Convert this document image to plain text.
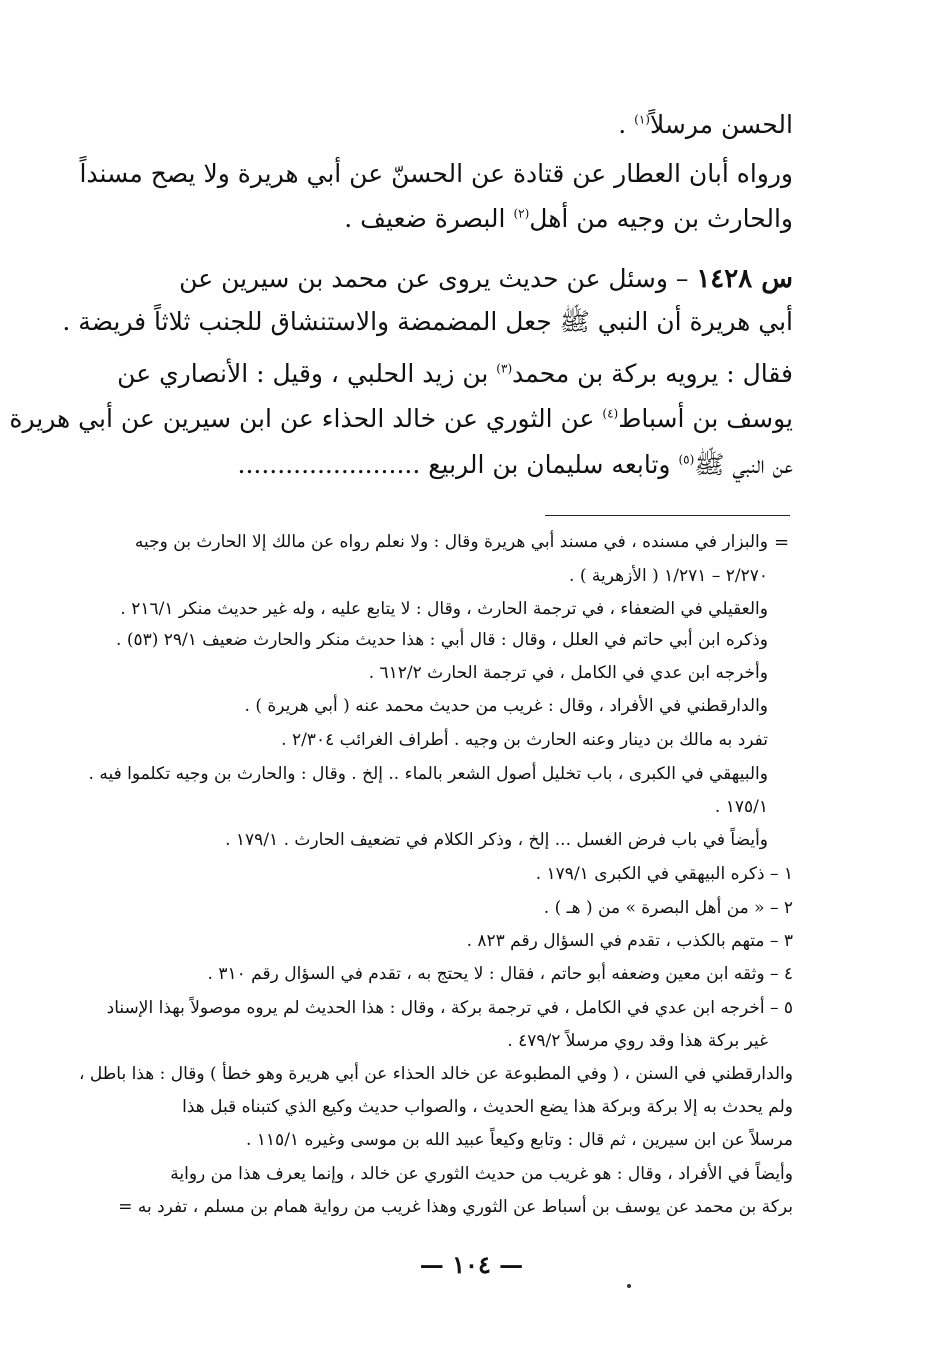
الحسن مرسلاً$^{(١)}$ .
ورواه أبان العطار عن قتادة عن الحسنّ عن أبي هريرة ولا يصح مسنداً
والحارث بن وجيه من أهل$^{(٢)}$ البصرة ضعيف .
س ١٤٢٨ – وسئل عن حديث يروى عن محمد بن سيرين عن
أبي هريرة أن النبي ﷺ جعل المضمضة والاستنشاق للجنب ثلاثاً فريضة .
فقال : يرويه بركة بن محمد$^{(٣)}$ بن زيد الحلبي ، وقيل : الأنصاري عن
يوسف بن أسباط$^{(٤)}$ عن الثوري عن خالد الحذاء عن ابن سيرين عن أبي هريرة
عن النبي ﷺ$^{(٥)}$ وتابعه سليمان بن الربيع .......................
=
والبزار في مسنده ، في مسند أبي هريرة وقال : ولا نعلم رواه عن مالك إلا الحارث بن وجيه
٢/٢٧٠ – ١/٢٧١ ( الأزهرية ) .
والعقيلي في الضعفاء ، في ترجمة الحارث ، وقال : لا يتابع عليه ، وله غير حديث منكر ٢١٦/١ .
وذكره ابن أبي حاتم في العلل ، وقال : قال أبي : هذا حديث منكر والحارث ضعيف ٢٩/١ (٥٣) .
وأخرجه ابن عدي في الكامل ، في ترجمة الحارث ٦١٢/٢ .
والدارقطني في الأفراد ، وقال : غريب من حديث محمد عنه ( أبي هريرة ) .
تفرد به مالك بن دينار وعنه الحارث بن وجيه . أطراف الغرائب ٢/٣٠٤ .
والبيهقي في الكبرى ، باب تخليل أصول الشعر بالماء .. إلخ . وقال : والحارث بن وجيه تكلموا فيه .
١٧٥/١ .
وأيضاً في باب فرض الغسل ... إلخ ، وذكر الكلام في تضعيف الحارث . ١٧٩/١ .
١ – ذكره البيهقي في الكبرى ١٧٩/١ .
٢ – « من أهل البصرة » من ( هـ ) .
٣ – متهم بالكذب ، تقدم في السؤال رقم ٨٢٣ .
٤ – وثقه ابن معين وضعفه أبو حاتم ، فقال : لا يحتج به ، تقدم في السؤال رقم ٣١٠ .
٥ – أخرجه ابن عدي في الكامل ، في ترجمة بركة ، وقال : هذا الحديث لم يروه موصولاً بهذا الإسناد
غير بركة هذا وقد روي مرسلاً ٤٧٩/٢ .
والدارقطني في السنن ، ( وفي المطبوعة عن خالد الحذاء عن أبي هريرة وهو خطأ ) وقال : هذا باطل ،
ولم يحدث به إلا بركة وبركة هذا يضع الحديث ، والصواب حديث وكيع الذي كتبناه قبل هذا
مرسلاً عن ابن سيرين ، ثم قال : وتابع وكيعاً عبيد الله بن موسى وغيره ١١٥/١ .
وأيضاً في الأفراد ، وقال : هو غريب من حديث الثوري عن خالد ، وإنما يعرف هذا من رواية
بركة بن محمد عن يوسف بن أسباط عن الثوري وهذا غريب من رواية همام بن مسلم ، تفرد به =
— ١٠٤ —
